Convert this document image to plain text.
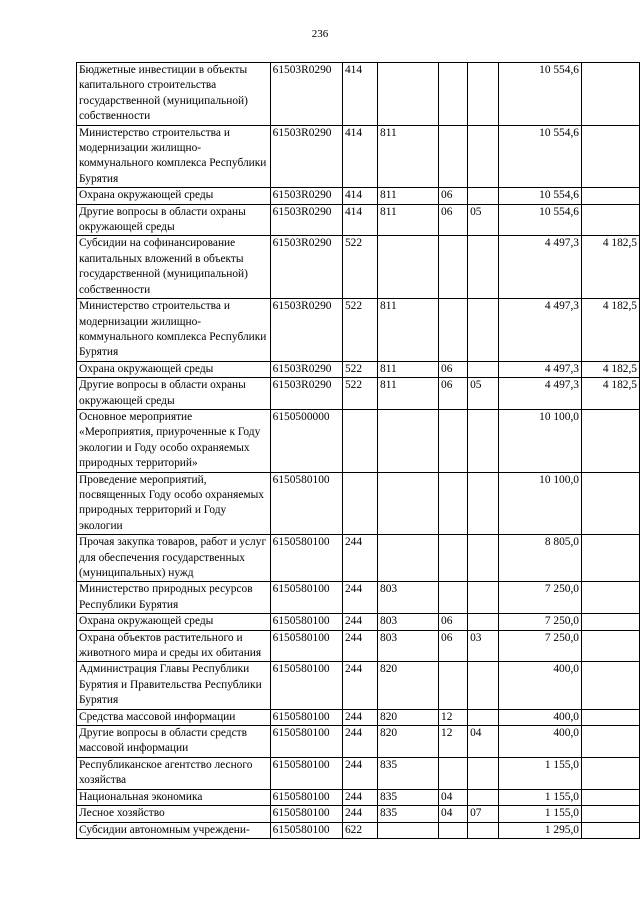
236
Бюджетные инвестиции в объекты капитального строительства государственной (муниципальной) собственности	61503R0290	414				10 554,6	
Министерство строительства и модернизации жилищно-коммунального комплекса Республики Бурятия	61503R0290	414	811			10 554,6	
Охрана окружающей среды	61503R0290	414	811	06		10 554,6	
Другие вопросы в области охраны окружающей среды	61503R0290	414	811	06	05	10 554,6	
Субсидии на софинансирование капитальных вложений в объекты государственной (муниципальной) собственности	61503R0290	522				4 497,3	4 182,5
Министерство строительства и модернизации жилищно-коммунального комплекса Республики Бурятия	61503R0290	522	811			4 497,3	4 182,5
Охрана окружающей среды	61503R0290	522	811	06		4 497,3	4 182,5
Другие вопросы в области охраны окружающей среды	61503R0290	522	811	06	05	4 497,3	4 182,5
Основное мероприятие «Мероприятия, приуроченные к Году экологии и Году особо охраняемых природных территорий»	6150500000					10 100,0	
Проведение мероприятий, посвященных Году особо охраняемых природных территорий и Году экологии	6150580100					10 100,0	
Прочая закупка товаров, работ и услуг для обеспечения государственных (муниципальных) нужд	6150580100	244				8 805,0	
Министерство природных ресурсов Республики Бурятия	6150580100	244	803			7 250,0	
Охрана окружающей среды	6150580100	244	803	06		7 250,0	
Охрана объектов растительного и животного мира и среды их обитания	6150580100	244	803	06	03	7 250,0	
Администрация Главы Республики Бурятия и Правительства Республики Бурятия	6150580100	244	820			400,0	
Средства массовой информации	6150580100	244	820	12		400,0	
Другие вопросы в области средств массовой информации	6150580100	244	820	12	04	400,0	
Республиканское агентство лесного хозяйства	6150580100	244	835			1 155,0	
Национальная экономика	6150580100	244	835	04		1 155,0	
Лесное хозяйство	6150580100	244	835	04	07	1 155,0	
Субсидии автономным учреждени-	6150580100	622				1 295,0	
